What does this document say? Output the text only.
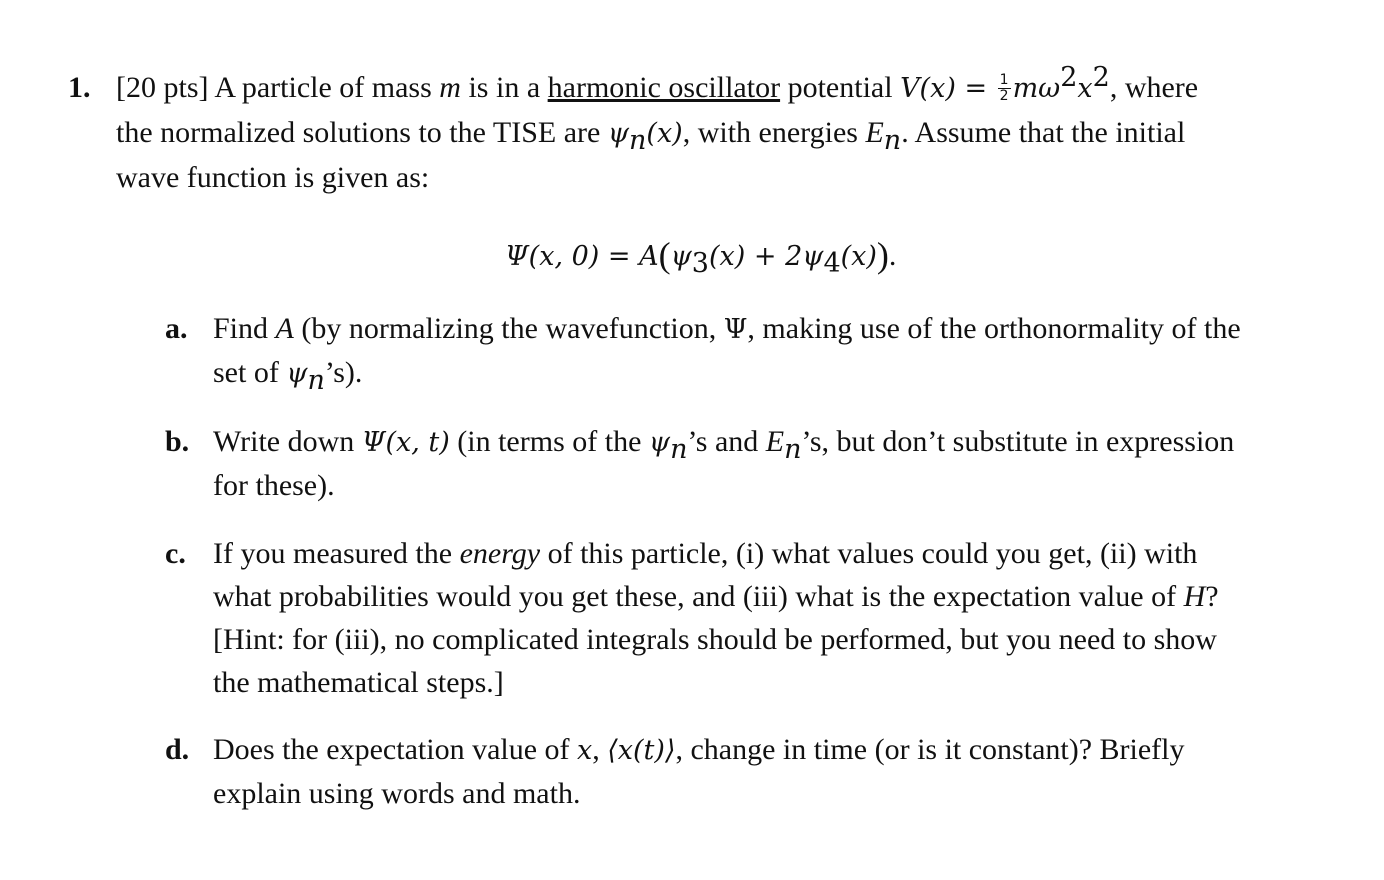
1. [20 pts] A particle of mass m is in a harmonic oscillator potential $V(x) = \frac{1}{2} m\omega^2x^2$, where
the normalized solutions to the TISE are $\psi_n(x)$, with energies $E_n$. Assume that the initial
wave function is given as:
Ψ(x, $0) = A(\psi_3(x) + 2\psi_4(x))$.
a. Find A (by normalizing the wavefunction, Ψ, making use of the orthonormality of the
set of $\psi_n’s$).
b. Write down Ψ(x, t) (in terms of the $\psi_n’s$ and $E_n’s$, but don’t substitute in expression
for these).
c. If you measured the energy of this particle, (i) what values could you get, (ii) with
what probabilities would you get these, and (iii) what is the expectation value of H?
[Hint: for (iii), no complicated integrals should be performed, but you need to show
the mathematical steps.]
d. Does the expectation value of x, ⟨x(t)⟩, change in time (or is it constant)? Briefly
explain using words and math.
